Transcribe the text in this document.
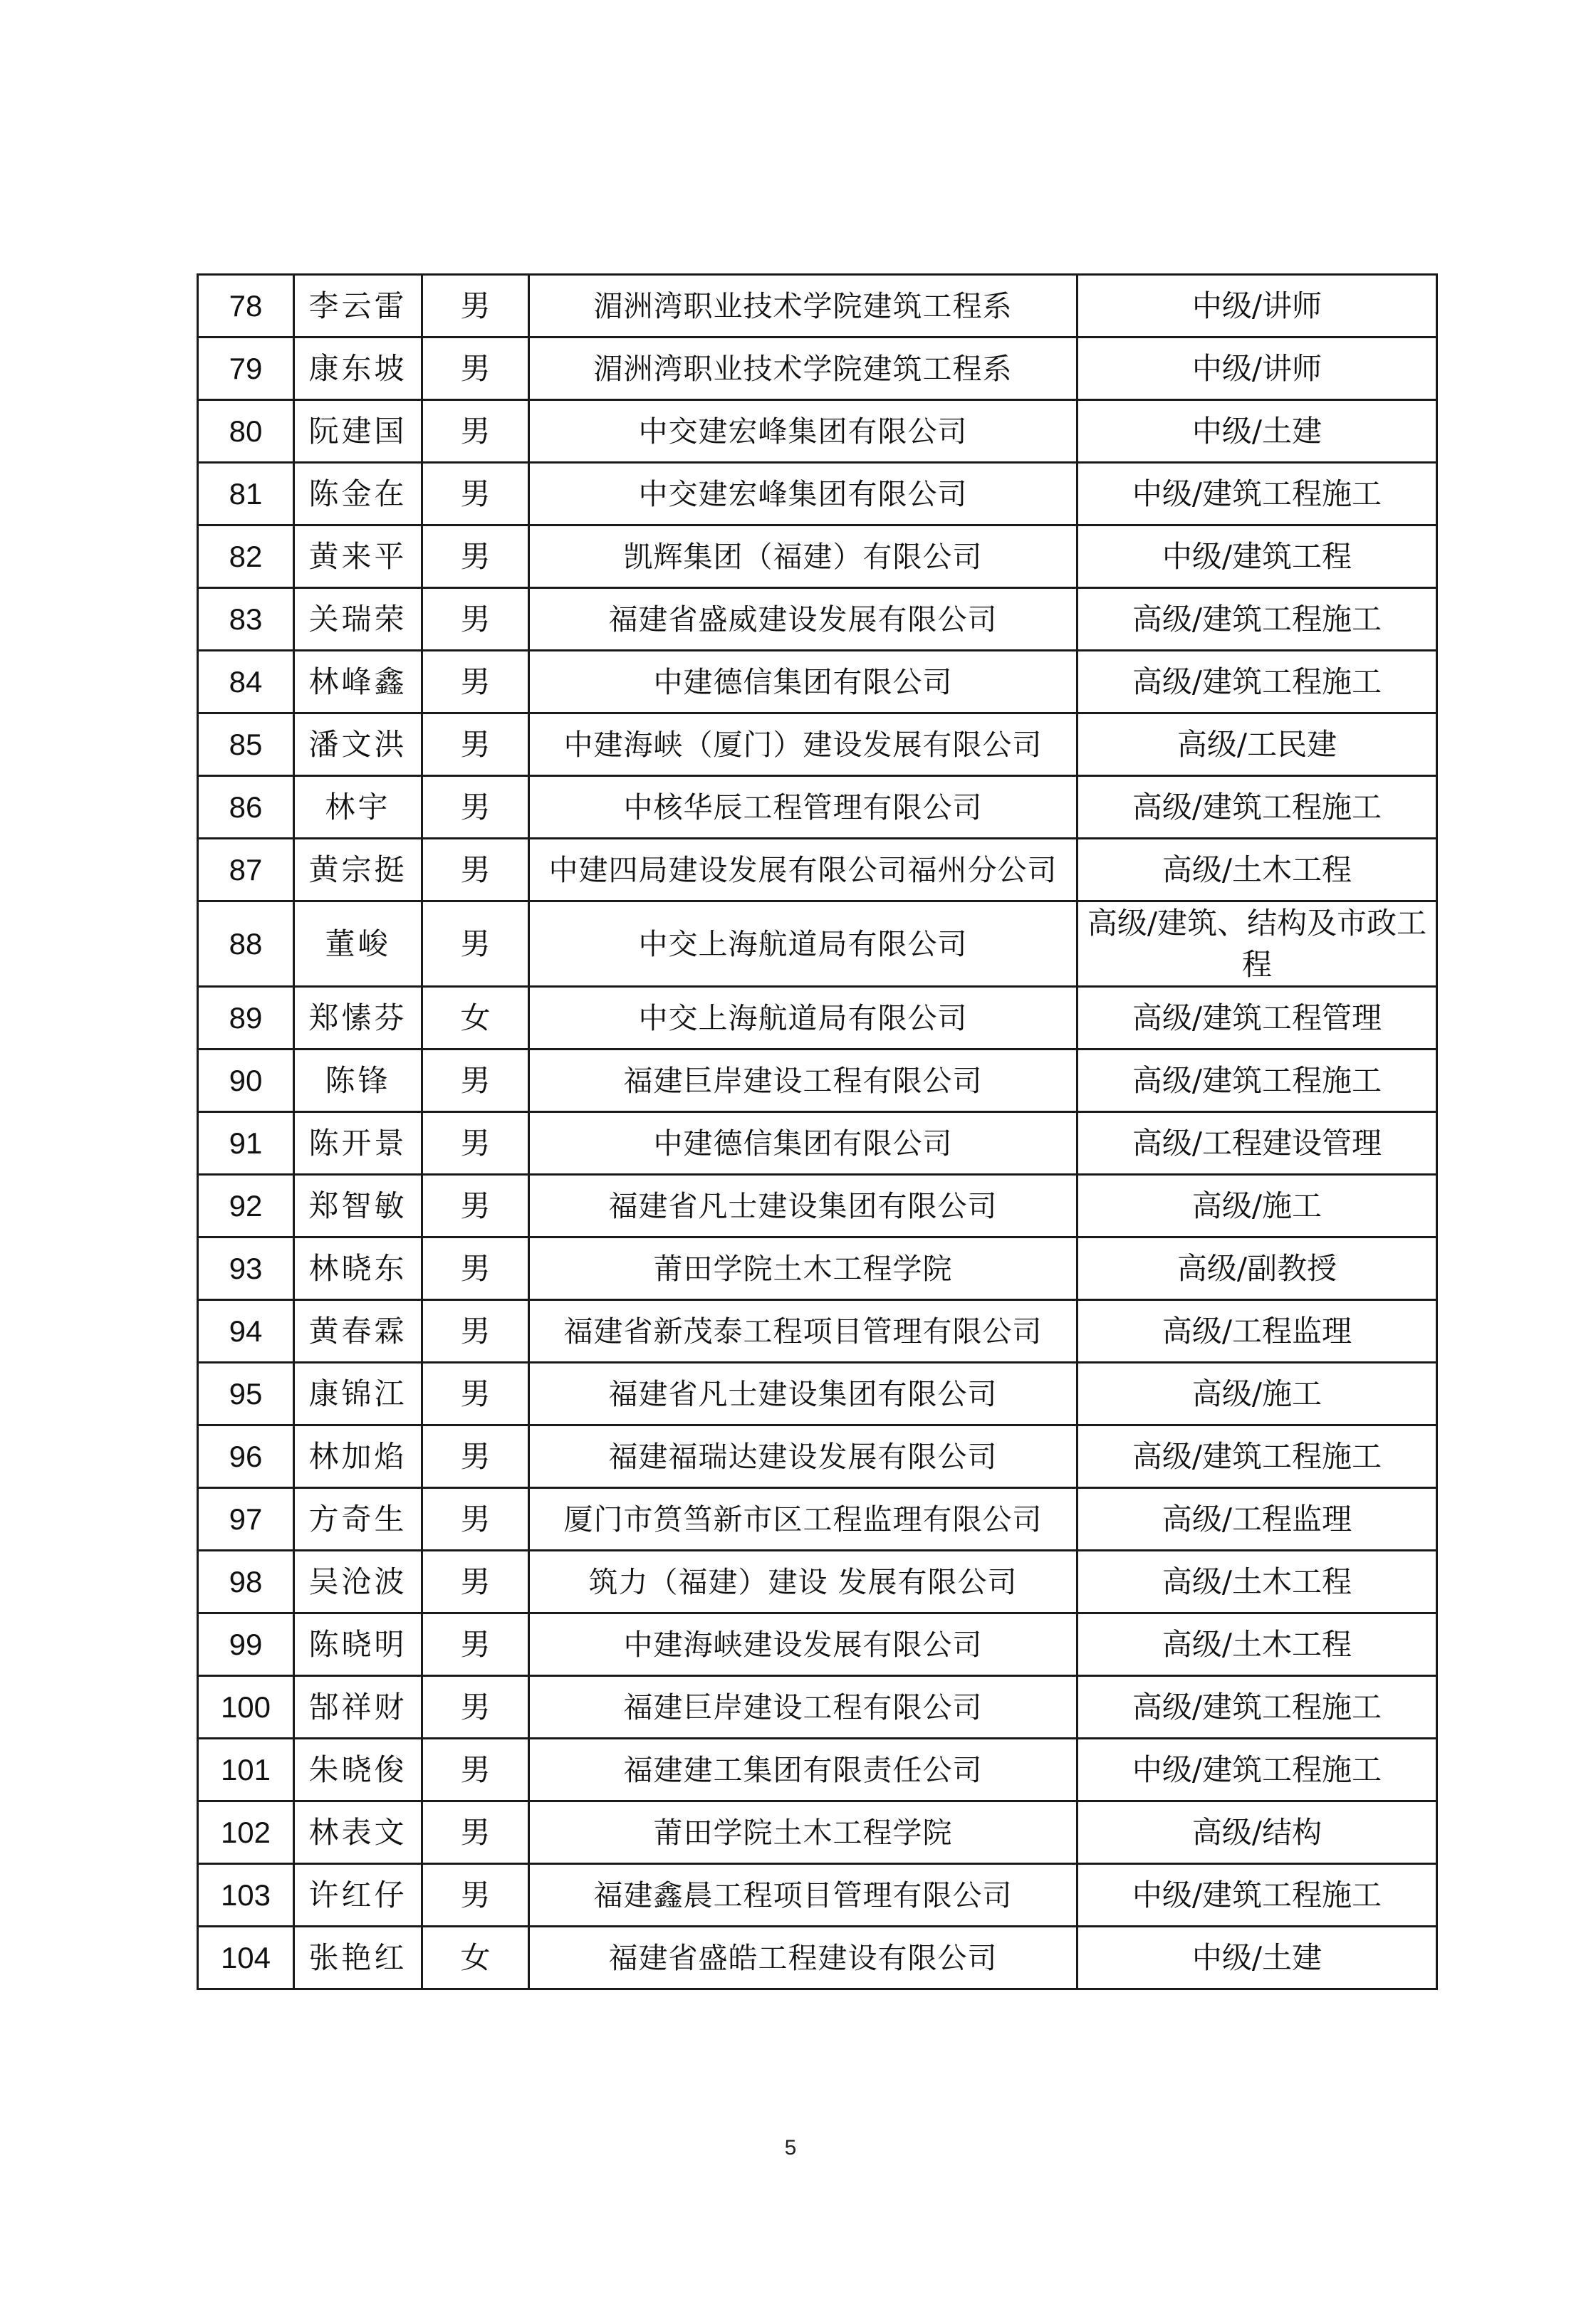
78	李云雷	男	湄洲湾职业技术学院建筑工程系	中级/讲师
79	康东坡	男	湄洲湾职业技术学院建筑工程系	中级/讲师
80	阮建国	男	中交建宏峰集团有限公司	中级/土建
81	陈金在	男	中交建宏峰集团有限公司	中级/建筑工程施工
82	黄来平	男	凯辉集团（福建）有限公司	中级/建筑工程
83	关瑞荣	男	福建省盛威建设发展有限公司	高级/建筑工程施工
84	林峰鑫	男	中建德信集团有限公司	高级/建筑工程施工
85	潘文洪	男	中建海峡（厦门）建设发展有限公司	高级/工民建
86	林宇	男	中核华辰工程管理有限公司	高级/建筑工程施工
87	黄宗挺	男	中建四局建设发展有限公司福州分公司	高级/土木工程
88	董峻	男	中交上海航道局有限公司	高级/建筑、结构及市政工程
89	郑愫芬	女	中交上海航道局有限公司	高级/建筑工程管理
90	陈锋	男	福建巨岸建设工程有限公司	高级/建筑工程施工
91	陈开景	男	中建德信集团有限公司	高级/工程建设管理
92	郑智敏	男	福建省凡士建设集团有限公司	高级/施工
93	林晓东	男	莆田学院土木工程学院	高级/副教授
94	黄春霖	男	福建省新茂泰工程项目管理有限公司	高级/工程监理
95	康锦江	男	福建省凡士建设集团有限公司	高级/施工
96	林加焰	男	福建福瑞达建设发展有限公司	高级/建筑工程施工
97	方奇生	男	厦门市筼筜新市区工程监理有限公司	高级/工程监理
98	吴沧波	男	筑力（福建）建设 发展有限公司	高级/土木工程
99	陈晓明	男	中建海峡建设发展有限公司	高级/土木工程
100	郜祥财	男	福建巨岸建设工程有限公司	高级/建筑工程施工
101	朱晓俊	男	福建建工集团有限责任公司	中级/建筑工程施工
102	林表文	男	莆田学院土木工程学院	高级/结构
103	许红仔	男	福建鑫晨工程项目管理有限公司	中级/建筑工程施工
104	张艳红	女	福建省盛皓工程建设有限公司	中级/土建
5
